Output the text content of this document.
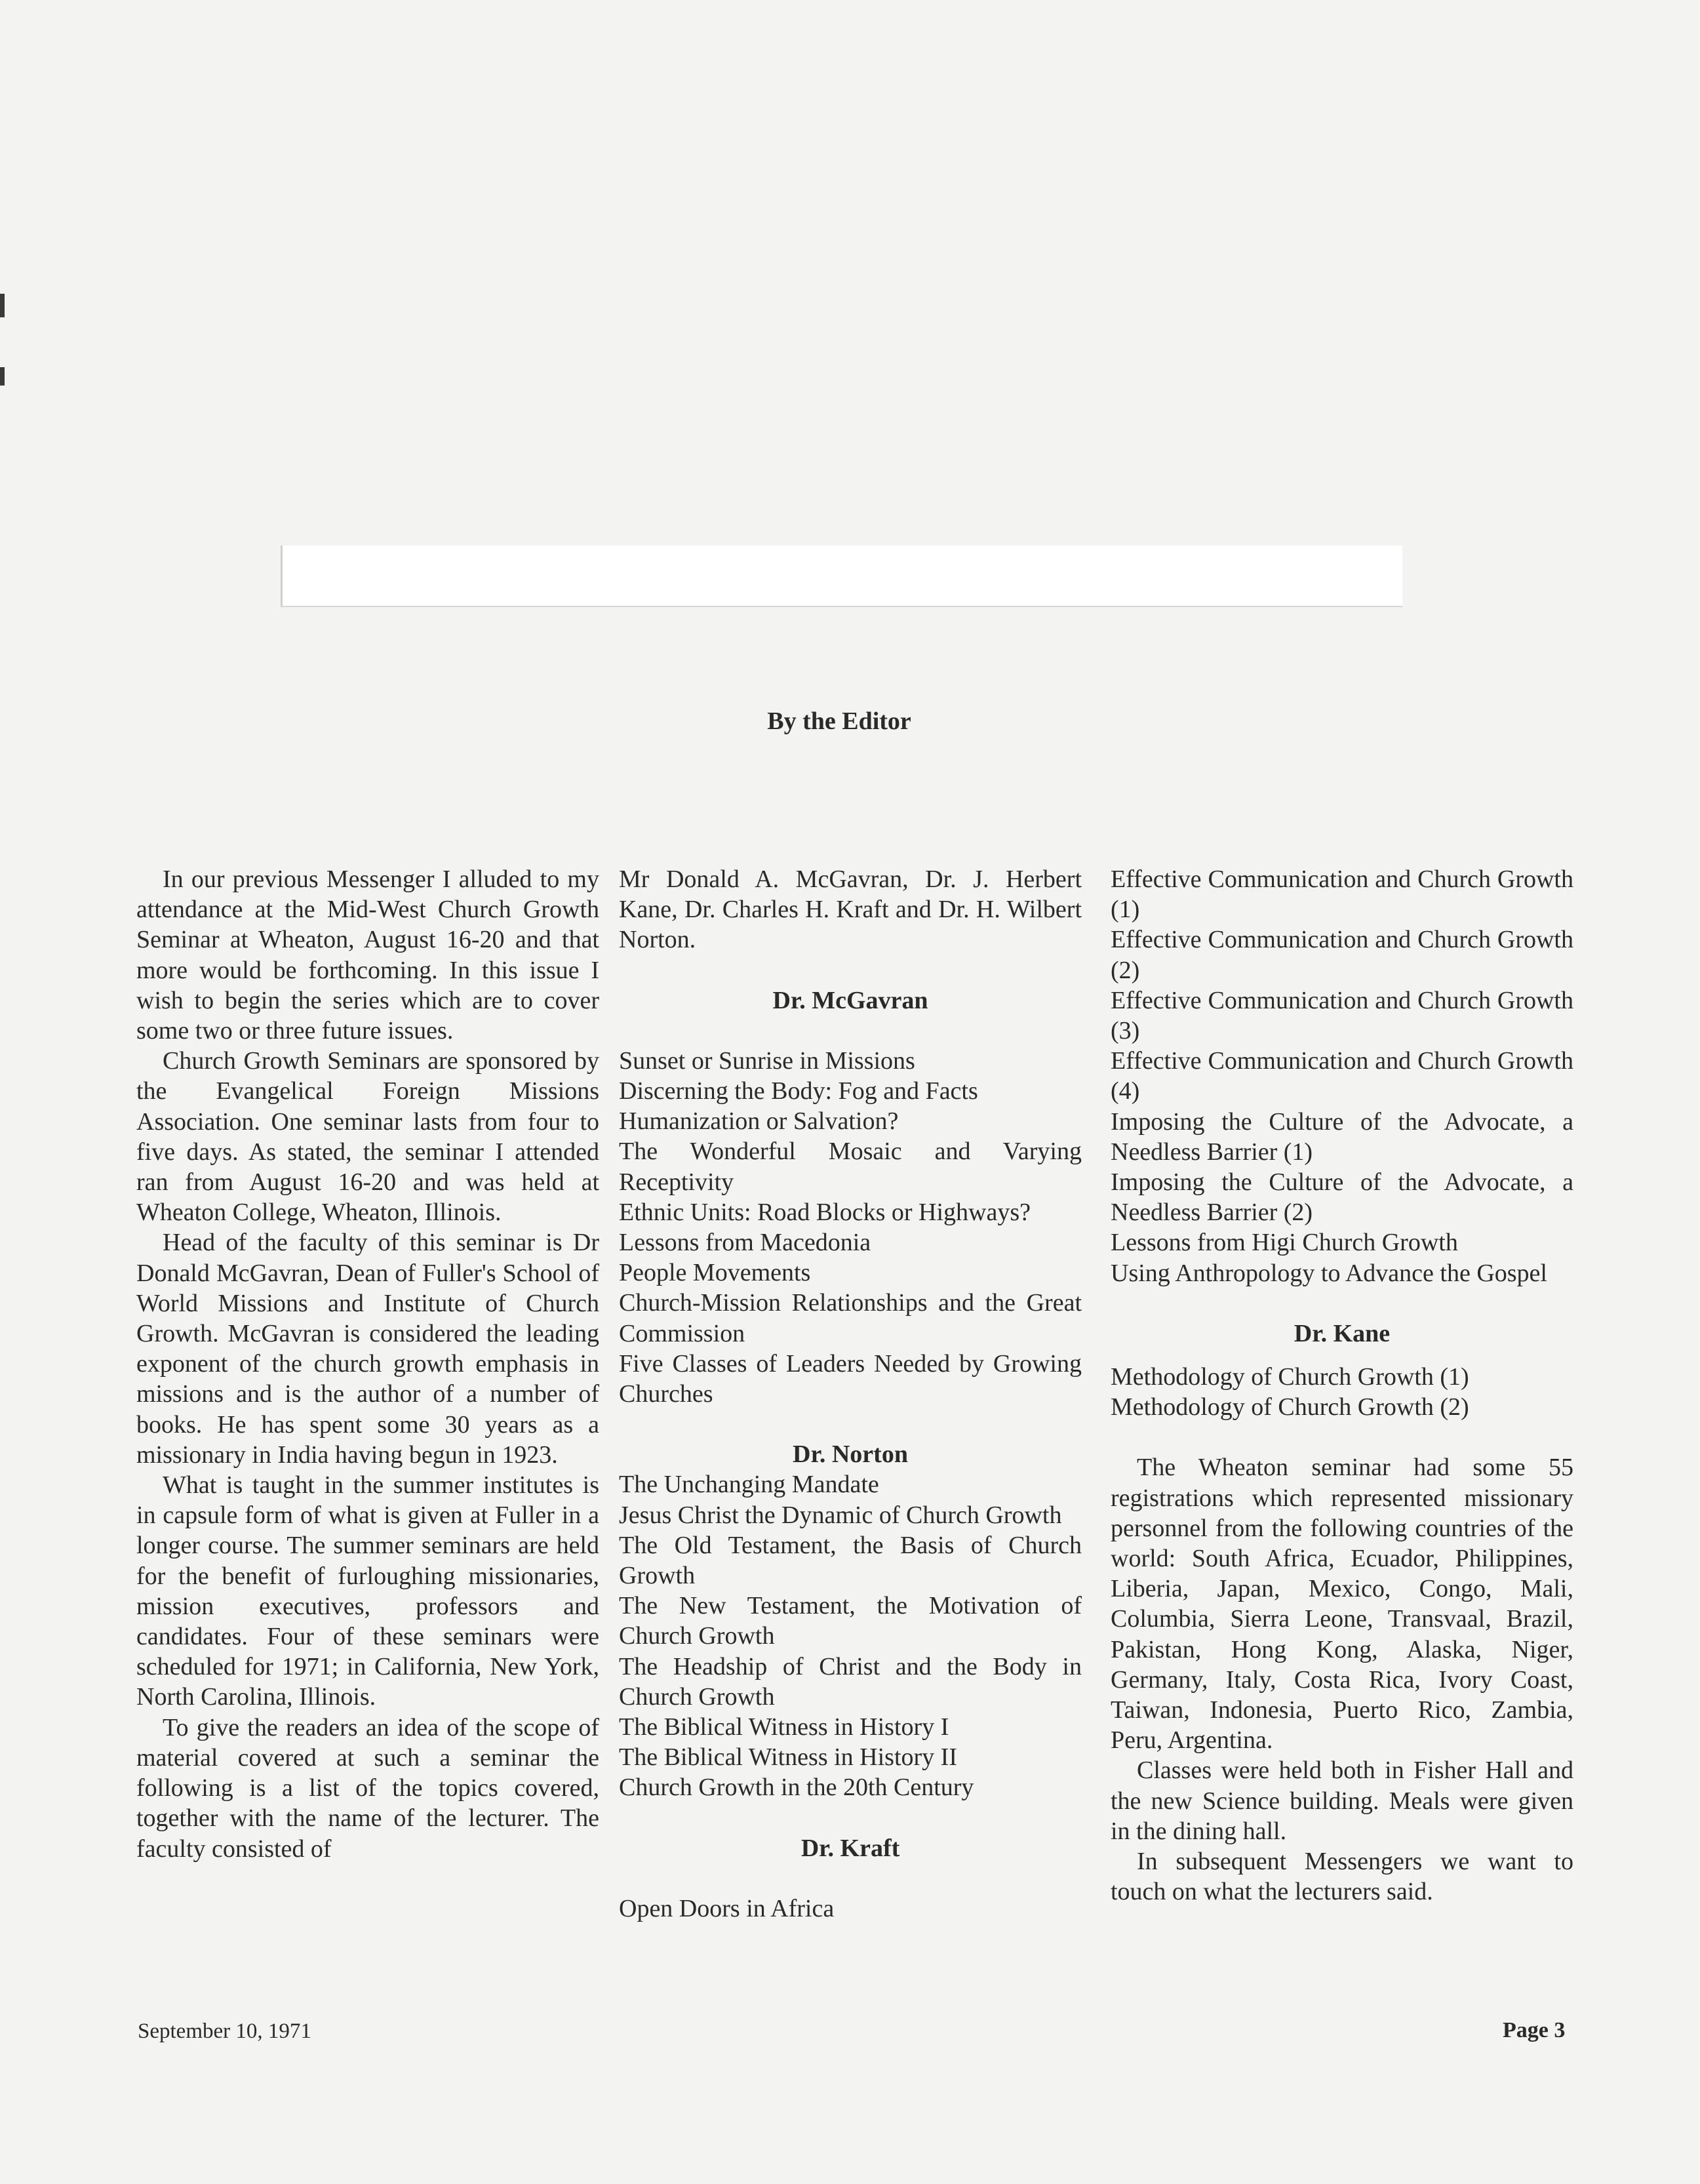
By the Editor

In our previous Messenger I alluded to my attendance at the Mid-West Church Growth Seminar at Wheaton, August 16-20 and that more would be forthcoming. In this issue I wish to begin the series which are to cover some two or three future issues.

Church Growth Seminars are sponsored by the Evangelical Foreign Missions Association. One seminar lasts from four to five days. As stated, the seminar I attended ran from August 16-20 and was held at Wheaton College, Wheaton, Illinois.

Head of the faculty of this seminar is Dr Donald McGavran, Dean of Fuller's School of World Missions and Institute of Church Growth. McGavran is considered the leading exponent of the church growth emphasis in missions and is the author of a number of books. He has spent some 30 years as a missionary in India having begun in 1923.

What is taught in the summer institutes is in capsule form of what is given at Fuller in a longer course. The summer seminars are held for the benefit of furloughing missionaries, mission executives, professors and candidates. Four of these seminars were scheduled for 1971; in California, New York, North Carolina, Illinois.

To give the readers an idea of the scope of material covered at such a seminar the following is a list of the topics covered, together with the name of the lecturer. The faculty consisted of

Mr Donald A. McGavran, Dr. J. Herbert Kane, Dr. Charles H. Kraft and Dr. H. Wilbert Norton.
Dr. McGavran
Sunset or Sunrise in Missions
Discerning the Body: Fog and Facts
Humanization or Salvation?
The Wonderful Mosaic and Varying Receptivity
Ethnic Units: Road Blocks or Highways?
Lessons from Macedonia
People Movements
Church-Mission Relationships and the Great Commission
Five Classes of Leaders Needed by Growing Churches
Dr. Norton
The Unchanging Mandate
Jesus Christ the Dynamic of Church Growth
The Old Testament, the Basis of Church Growth
The New Testament, the Motivation of Church Growth
The Headship of Christ and the Body in Church Growth
The Biblical Witness in History I
The Biblical Witness in History II
Church Growth in the 20th Century
Dr. Kraft
Open Doors in Africa
Effective Communication and Church Growth (1)
Effective Communication and Church Growth (2)
Effective Communication and Church Growth (3)
Effective Communication and Church Growth (4)
Imposing the Culture of the Advocate, a Needless Barrier (1)
Imposing the Culture of the Advocate, a Needless Barrier (2)
Lessons from Higi Church Growth
Using Anthropology to Advance the Gospel
Dr. Kane
Methodology of Church Growth (1)
Methodology of Church Growth (2)

The Wheaton seminar had some 55 registrations which represented missionary personnel from the following countries of the world: South Africa, Ecuador, Philippines, Liberia, Japan, Mexico, Congo, Mali, Columbia, Sierra Leone, Transvaal, Brazil, Pakistan, Hong Kong, Alaska, Niger, Germany, Italy, Costa Rica, Ivory Coast, Taiwan, Indonesia, Puerto Rico, Zambia, Peru, Argentina.

Classes were held both in Fisher Hall and the new Science building. Meals were given in the dining hall.

In subsequent Messengers we want to touch on what the lecturers said.

September 10, 1971	Page 3
